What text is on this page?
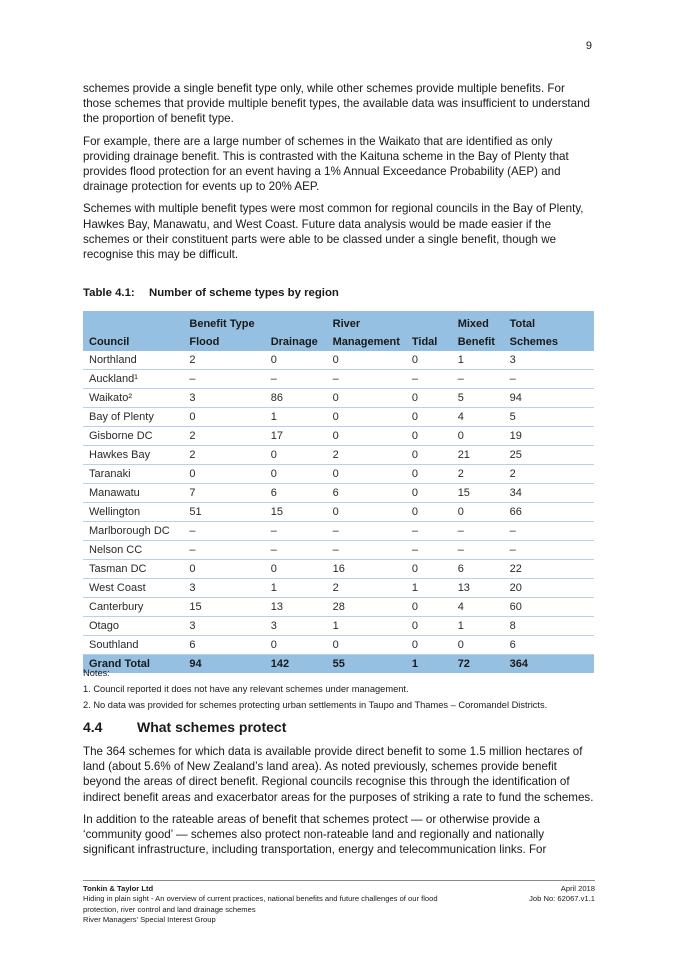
9

schemes provide a single benefit type only, while other schemes provide multiple benefits. For those schemes that provide multiple benefit types, the available data was insufficient to understand the proportion of benefit type.

For example, there are a large number of schemes in the Waikato that are identified as only providing drainage benefit. This is contrasted with the Kaituna scheme in the Bay of Plenty that provides flood protection for an event having a 1% Annual Exceedance Probability (AEP) and drainage protection for events up to 20% AEP.

Schemes with multiple benefit types were most common for regional councils in the Bay of Plenty, Hawkes Bay, Manawatu, and West Coast. Future data analysis would be made easier if the schemes or their constituent parts were able to be classed under a single benefit, though we recognise this may be difficult.

Table 4.1: Number of scheme types by region
	Benefit Type		River		Mixed	Total
Council	Flood	Drainage	Management	Tidal	Benefit	Schemes
Northland	2	0	0	0	1	3
Auckland¹	–	–	–	–	–	–
Waikato²	3	86	0	0	5	94
Bay of Plenty	0	1	0	0	4	5
Gisborne DC	2	17	0	0	0	19
Hawkes Bay	2	0	2	0	21	25
Taranaki	0	0	0	0	2	2
Manawatu	7	6	6	0	15	34
Wellington	51	15	0	0	0	66
Marlborough DC	–	–	–	–	–	–
Nelson CC	–	–	–	–	–	–
Tasman DC	0	0	16	0	6	22
West Coast	3	1	2	1	13	20
Canterbury	15	13	28	0	4	60
Otago	3	3	1	0	1	8
Southland	6	0	0	0	0	6
Grand Total	94	142	55	1	72	364
Notes:
1. Council reported it does not have any relevant schemes under management.
2. No data was provided for schemes protecting urban settlements in Taupo and Thames – Coromandel Districts.
4.4 What schemes protect

The 364 schemes for which data is available provide direct benefit to some 1.5 million hectares of land (about 5.6% of New Zealand’s land area). As noted previously, schemes provide benefit beyond the areas of direct benefit. Regional councils recognise this through the identification of indirect benefit areas and exacerbator areas for the purposes of striking a rate to fund the schemes.

In addition to the rateable areas of benefit that schemes protect — or otherwise provide a ‘community good’ — schemes also protect non-rateable land and regionally and nationally significant infrastructure, including transportation, energy and telecommunication links. For

Tonkin & Taylor Ltd
Hiding in plain sight - An overview of current practices, national benefits and future challenges of our flood protection, river control and land drainage schemes
River Managers’ Special Interest Group
April 2018
Job No: 62067.v1.1
